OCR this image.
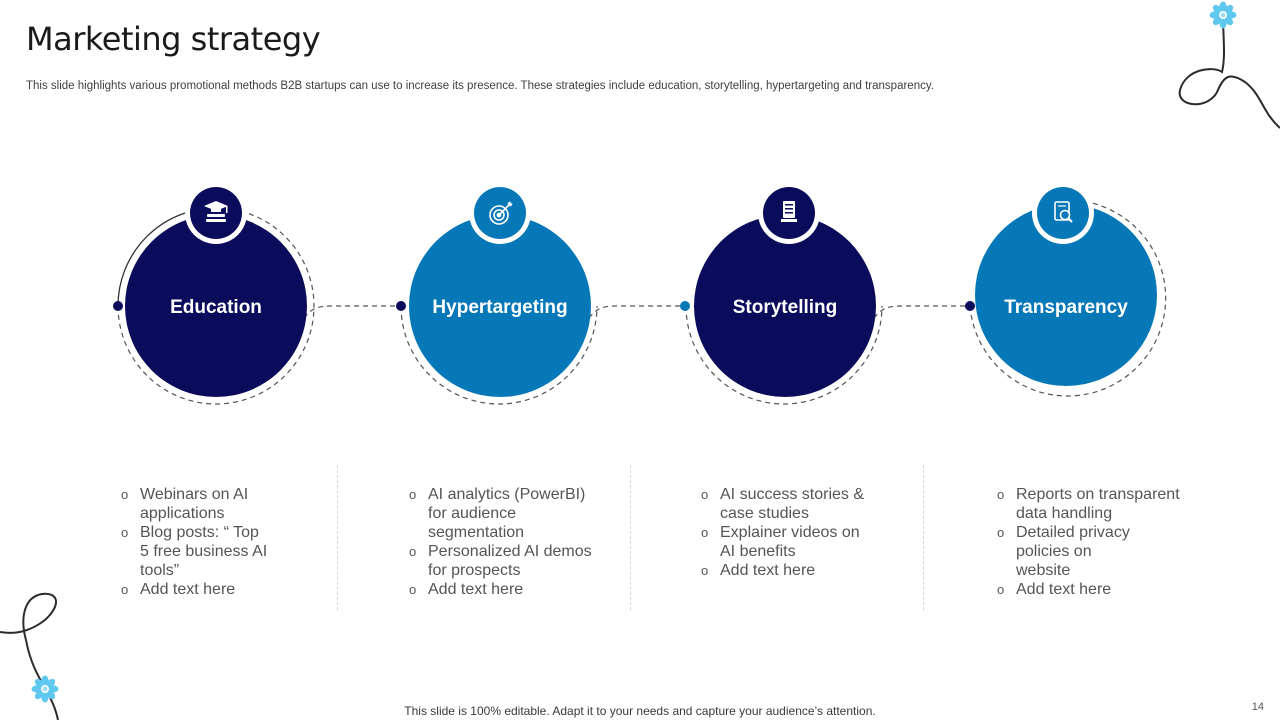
Marketing strategy

This slide highlights various promotional methods B2B startups can use to increase its presence. These strategies include education, storytelling, hypertargeting and transparency.

Education	Hypertargeting	Storytelling	Transparency
o Webinars on AI applications
o Blog posts: “ Top 5 free business AI tools”
o Add text here
o AI analytics (PowerBI) for audience segmentation
o Personalized AI demos for prospects
o Add text here
o AI success stories & case studies
o Explainer videos on AI benefits
o Add text here
o Reports on transparent data handling
o Detailed privacy policies on website
o Add text here
This slide is 100% editable. Adapt it to your needs and capture your audience’s attention.	14
